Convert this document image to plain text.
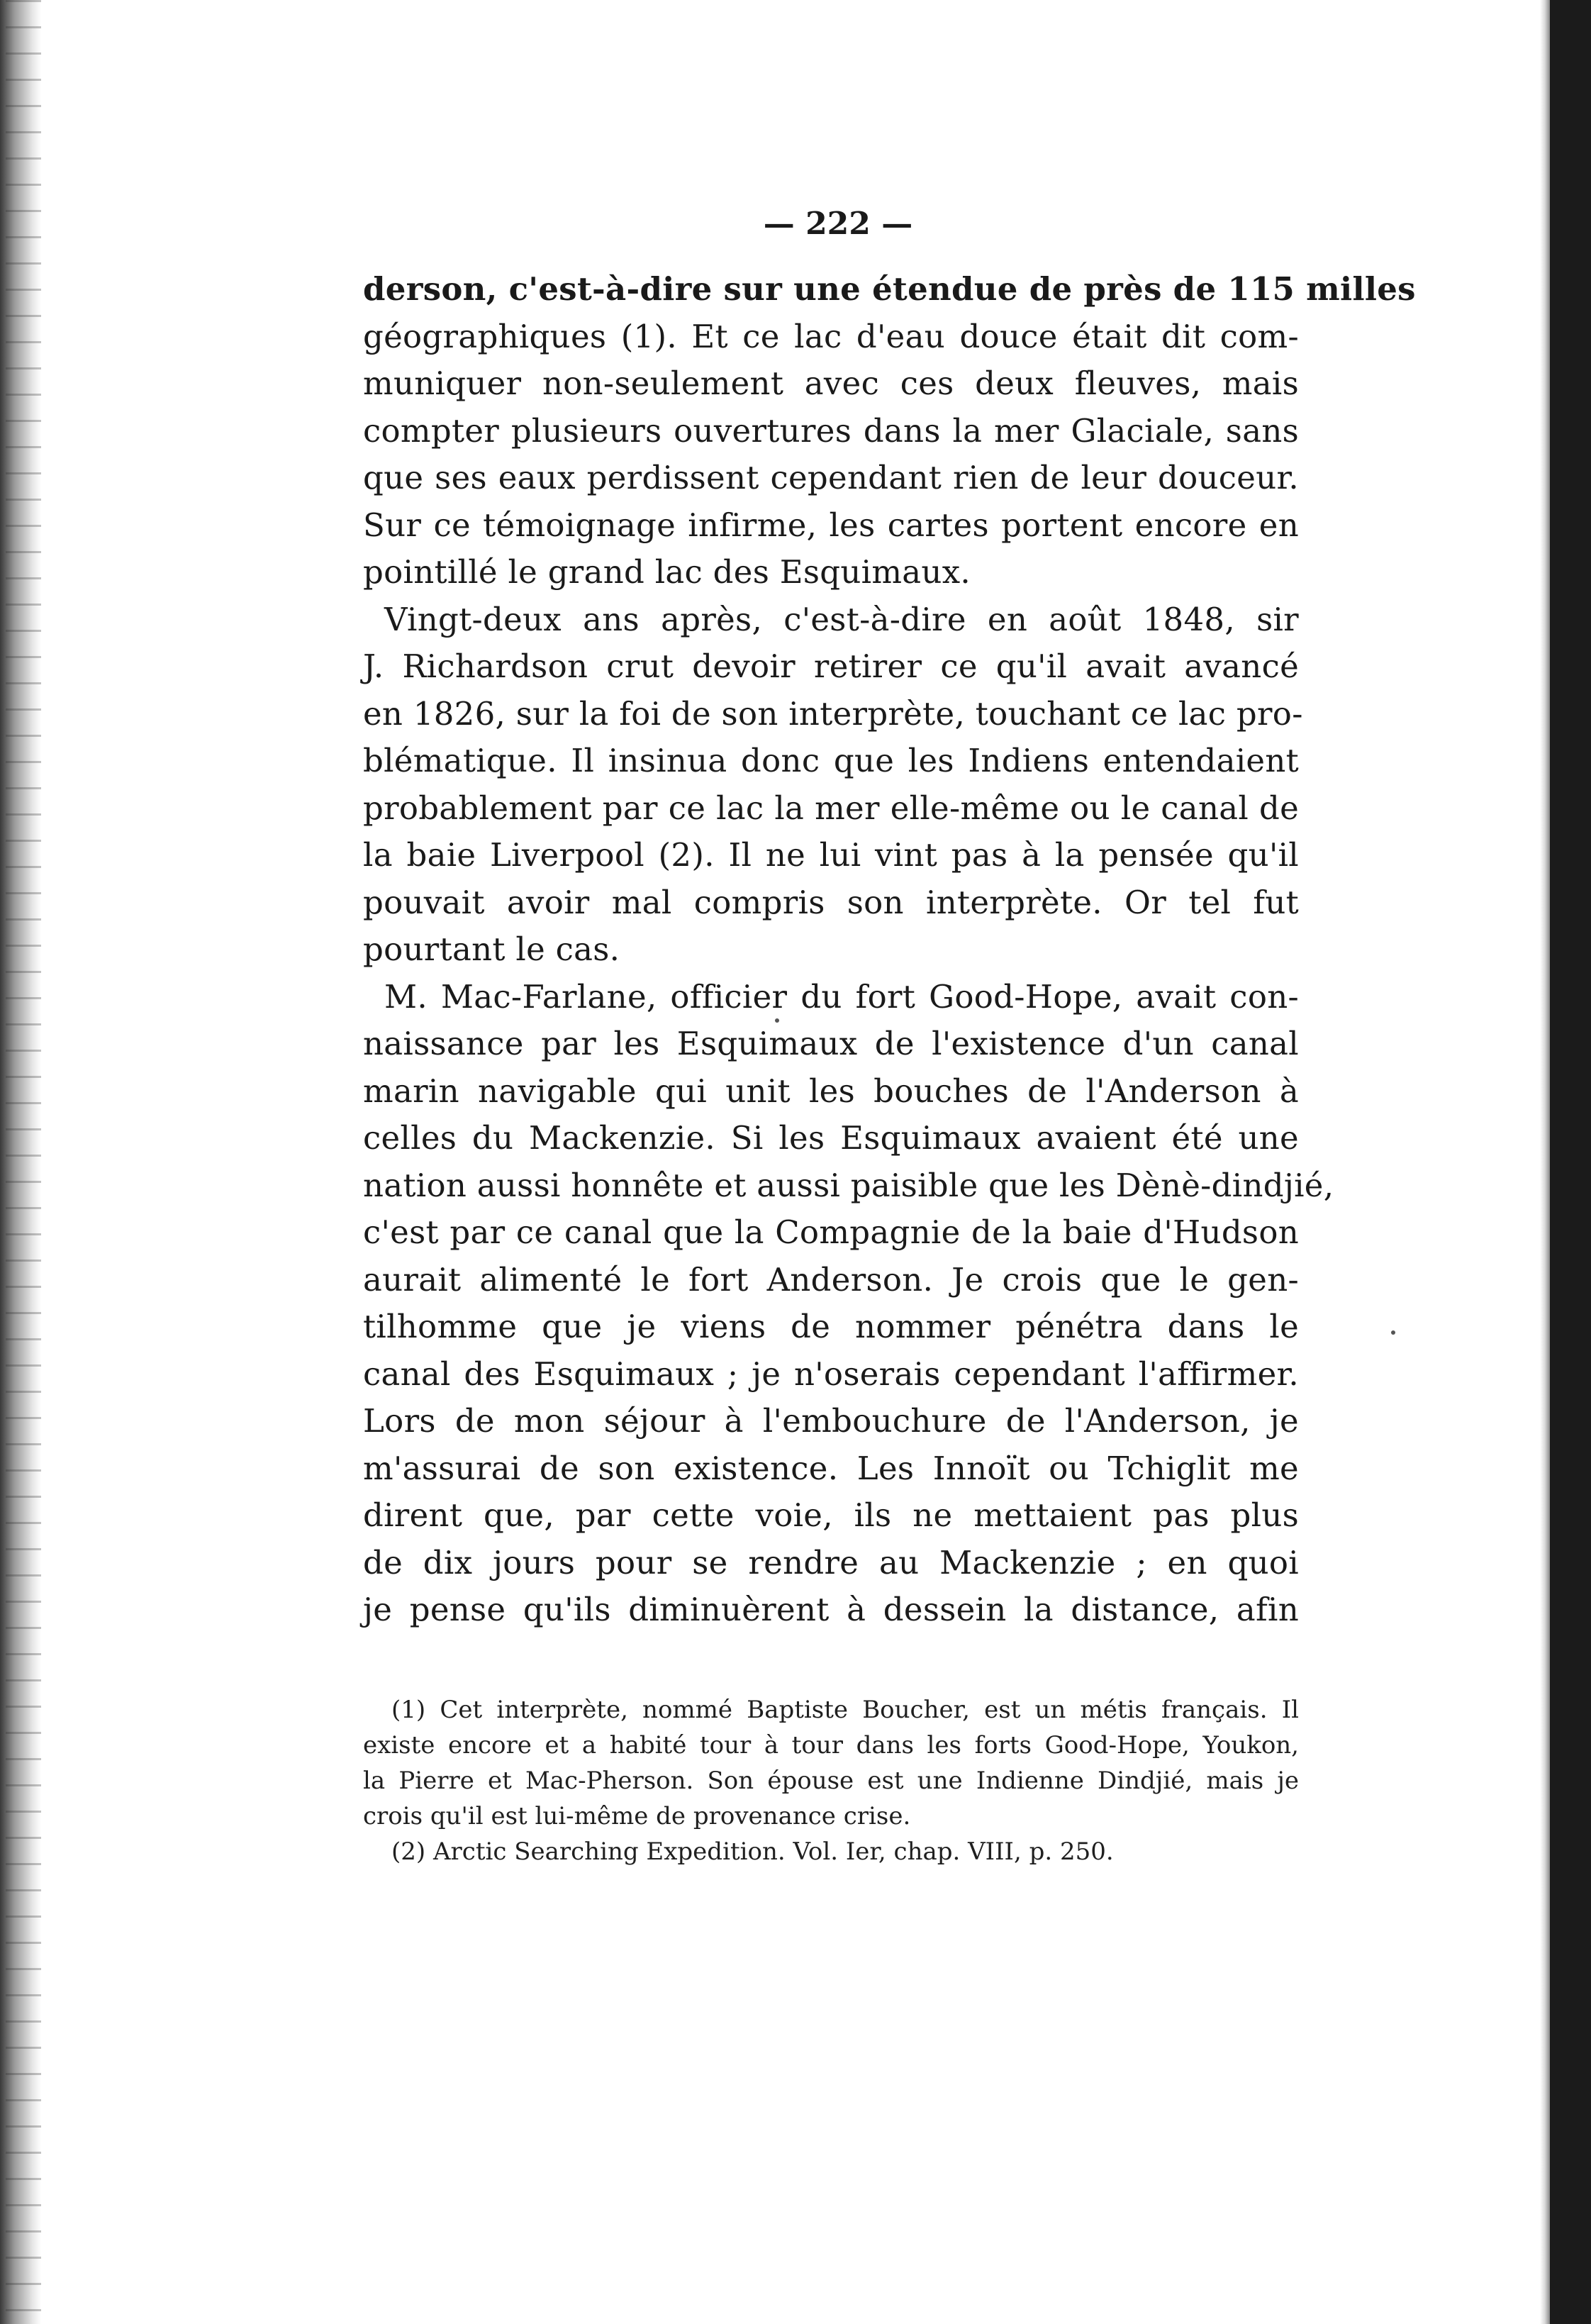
— 222 —
derson, c'est-à-dire sur une étendue de près de 115 milles
géographiques (1). Et ce lac d'eau douce était dit com-
muniquer non-seulement avec ces deux fleuves, mais
compter plusieurs ouvertures dans la mer Glaciale, sans
que ses eaux perdissent cependant rien de leur douceur.
Sur ce témoignage infirme, les cartes portent encore en
pointillé le grand lac des Esquimaux.
Vingt-deux ans après, c'est-à-dire en août 1848, sir
J. Richardson crut devoir retirer ce qu'il avait avancé
en 1826, sur la foi de son interprète, touchant ce lac pro-
blématique. Il insinua donc que les Indiens entendaient
probablement par ce lac la mer elle-même ou le canal de
la baie Liverpool (2). Il ne lui vint pas à la pensée qu'il
pouvait avoir mal compris son interprète. Or tel fut
pourtant le cas.
M. Mac-Farlane, officier du fort Good-Hope, avait con-
naissance par les Esquimaux de l'existence d'un canal
marin navigable qui unit les bouches de l'Anderson à
celles du Mackenzie. Si les Esquimaux avaient été une
nation aussi honnête et aussi paisible que les Dènè-dindjié,
c'est par ce canal que la Compagnie de la baie d'Hudson
aurait alimenté le fort Anderson. Je crois que le gen-
tilhomme que je viens de nommer pénétra dans le
canal des Esquimaux ; je n'oserais cependant l'affirmer.
Lors de mon séjour à l'embouchure de l'Anderson, je
m'assurai de son existence. Les Innoït ou Tchiglit me
dirent que, par cette voie, ils ne mettaient pas plus
de dix jours pour se rendre au Mackenzie ; en quoi
je pense qu'ils diminuèrent à dessein la distance, afin
(1) Cet interprète, nommé Baptiste Boucher, est un métis français. Il
existe encore et a habité tour à tour dans les forts Good-Hope, Youkon,
la Pierre et Mac-Pherson. Son épouse est une Indienne Dindjié, mais je
crois qu'il est lui-même de provenance crise.
(2) Arctic Searching Expedition. Vol. Ier, chap. VIII, p. 250.
